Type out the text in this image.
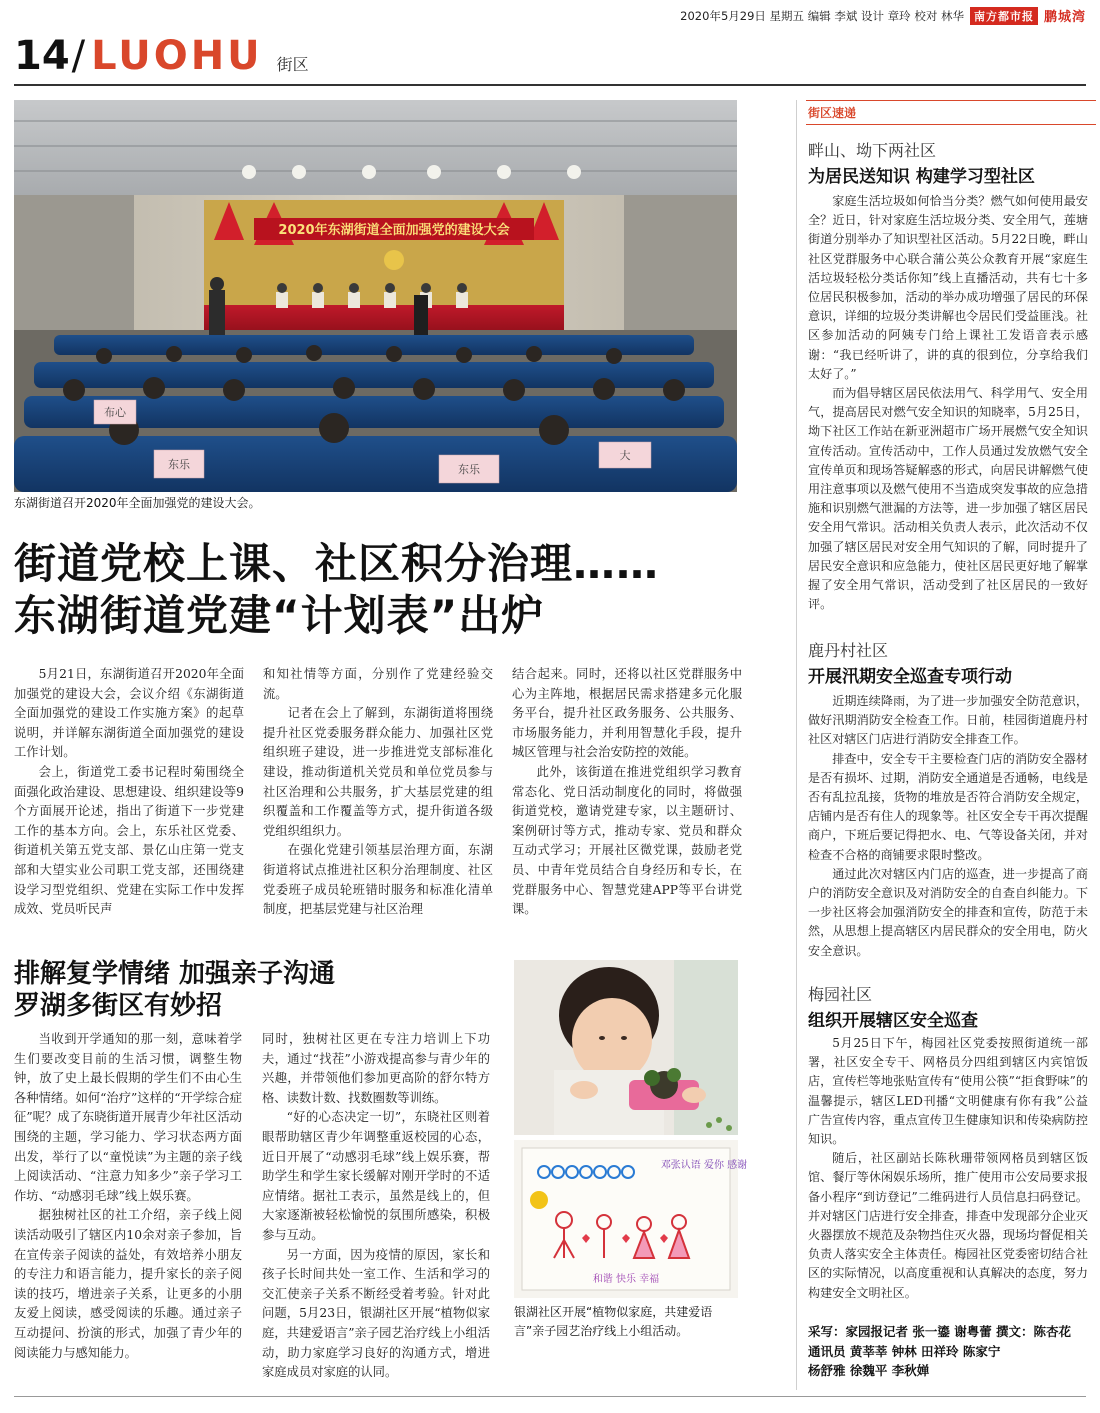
2020年5月29日 星期五 编辑 李斌 设计 章玲 校对 林华 南方都市报 鹏城湾
14 / LUOHU 街区
2020年东湖街道全面加强党的建设大会
布心
东乐	东乐
大
东湖街道召开2020年全面加强党的建设大会。
街道党校上课、社区积分治理……
东湖街道党建“计划表”出炉

5月21日，东湖街道召开2020年全面加强党的建设大会，会议介绍《东湖街道全面加强党的建设工作实施方案》的起草说明，并详解东湖街道全面加强党的建设工作计划。

会上，街道党工委书记程时菊围绕全面强化政治建设、思想建设、组织建设等9个方面展开论述，指出了街道下一步党建工作的基本方向。会上，东乐社区党委、街道机关第五党支部、景亿山庄第一党支部和大望实业公司职工党支部，还围绕建设学习型党组织、党建在实际工作中发挥成效、党员听民声

和知社情等方面，分别作了党建经验交流。

记者在会上了解到，东湖街道将围绕提升社区党委服务群众能力、加强社区党组织班子建设，进一步推进党支部标准化建设，推动街道机关党员和单位党员参与社区治理和公共服务，扩大基层党建的组织覆盖和工作覆盖等方式，提升街道各级党组织组织力。

在强化党建引领基层治理方面，东湖街道将试点推进社区积分治理制度、社区党委班子成员轮班错时服务和标准化清单制度，把基层党建与社区治理

结合起来。同时，还将以社区党群服务中心为主阵地，根据居民需求搭建多元化服务平台，提升社区政务服务、公共服务、市场服务能力，并利用智慧化手段，提升城区管理与社会治安防控的效能。

此外，该街道在推进党组织学习教育常态化、党日活动制度化的同时，将做强街道党校，邀请党建专家，以主题研讨、案例研讨等方式，推动专家、党员和群众互动式学习；开展社区微党课，鼓励老党员、中青年党员结合自身经历和专长，在党群服务中心、智慧党建APP等平台讲党课。

排解复学情绪 加强亲子沟通
罗湖多街区有妙招

当收到开学通知的那一刻，意味着学生们要改变目前的生活习惯，调整生物钟，放了史上最长假期的学生们不由心生各种情绪。如何“治疗”这样的“开学综合症征”呢？成了东晓街道开展青少年社区活动围绕的主题，学习能力、学习状态两方面出发，举行了以“童悦读”为主题的亲子线上阅读活动、“注意力知多少”亲子学习工作坊、“动感羽毛球”线上娱乐赛。

据独树社区的社工介绍，亲子线上阅读活动吸引了辖区内10余对亲子参加，旨在宣传亲子阅读的益处，有效培养小朋友的专注力和语言能力，提升家长的亲子阅读的技巧，增进亲子关系，让更多的小朋友爱上阅读，感受阅读的乐趣。通过亲子互动提问、扮演的形式，加强了青少年的阅读能力与感知能力。

同时，独树社区更在专注力培训上下功夫，通过“找茬”小游戏提高参与青少年的兴趣，并带领他们参加更高阶的舒尔特方格、读数计数、找数圈数等训练。

“好的心态决定一切”，东晓社区则着眼帮助辖区青少年调整重返校园的心态，近日开展了“动感羽毛球”线上娱乐赛，帮助学生和学生家长缓解对刚开学时的不适应情绪。据社工表示，虽然是线上的，但大家逐渐被轻松愉悦的氛围所感染，积极参与互动。

另一方面，因为疫情的原因，家长和孩子长时间共处一室工作、生活和学习的交汇使亲子关系不断经受着考验。针对此问题，5月23日，银湖社区开展“植物似家庭，共建爱语言”亲子园艺治疗线上小组活动，助力家庭学习良好的沟通方式，增进家庭成员对家庭的认同。

邓张认语 爱你 感谢
和谐 快乐 幸福
银湖社区开展“植物似家庭，共建爱语言”亲子园艺治疗线上小组活动。
街区速递
畔山、坳下两社区
为居民送知识 构建学习型社区

家庭生活垃圾如何恰当分类？燃气如何使用最安全？近日，针对家庭生活垃圾分类、安全用气，莲塘街道分别举办了知识型社区活动。5月22日晚，畔山社区党群服务中心联合蒲公英公众教育开展“家庭生活垃圾轻松分类话你知”线上直播活动，共有七十多位居民积极参加，活动的举办成功增强了居民的环保意识，详细的垃圾分类讲解也令居民们受益匪浅。社区参加活动的阿姨专门给上课社工发语音表示感谢：“我已经听讲了，讲的真的很到位，分享给我们太好了。”

而为倡导辖区居民依法用气、科学用气、安全用气，提高居民对燃气安全知识的知晓率，5月25日，坳下社区工作站在新亚洲超市广场开展燃气安全知识宣传活动。宣传活动中，工作人员通过发放燃气安全宣传单页和现场答疑解惑的形式，向居民讲解燃气使用注意事项以及燃气使用不当造成突发事故的应急措施和识别燃气泄漏的方法等，进一步加强了辖区居民安全用气常识。活动相关负责人表示，此次活动不仅加强了辖区居民对安全用气知识的了解，同时提升了居民安全意识和应急能力，使社区居民更好地了解掌握了安全用气常识，活动受到了社区居民的一致好评。

鹿丹村社区
开展汛期安全巡查专项行动

近期连续降雨，为了进一步加强安全防范意识，做好汛期消防安全检查工作。日前，桂园街道鹿丹村社区对辖区门店进行消防安全排查工作。

排查中，安全专干主要检查门店的消防安全器材是否有损坏、过期，消防安全通道是否通畅，电线是否有乱拉乱接，货物的堆放是否符合消防安全规定，店铺内是否有住人的现象等。社区安全专干再次提醒商户，下班后要记得把水、电、气等设备关闭，并对检查不合格的商铺要求限时整改。

通过此次对辖区内门店的巡查，进一步提高了商户的消防安全意识及对消防安全的自查自纠能力。下一步社区将会加强消防安全的排查和宣传，防范于未然，从思想上提高辖区内居民群众的安全用电，防火安全意识。

梅园社区
组织开展辖区安全巡查

5月25日下午，梅园社区党委按照街道统一部署，社区安全专干、网格员分四组到辖区内宾馆饭店，宣传栏等地张贴宣传有“使用公筷”“拒食野味”的温馨提示，辖区LED刊播“文明健康有你有我”公益广告宣传内容，重点宣传卫生健康知识和传染病防控知识。

随后，社区副站长陈秋珊带领网格员到辖区饭馆、餐厅等休闲娱乐场所，推广使用市公安局要求报备小程序“到访登记”二维码进行人员信息扫码登记。并对辖区门店进行安全排查，排查中发现部分企业灭火器摆放不规范及杂物挡住灭火器，现场均督促相关负责人落实安全主体责任。梅园社区党委密切结合社区的实际情况，以高度重视和认真解决的态度，努力构建安全文明社区。

采写：家园报记者 张一鎏 谢粤蕾 撰文：陈杏花
通讯员 黄莘莘 钟林 田祥玲 陈家宁
杨舒雅 徐魏平 李秋婵
